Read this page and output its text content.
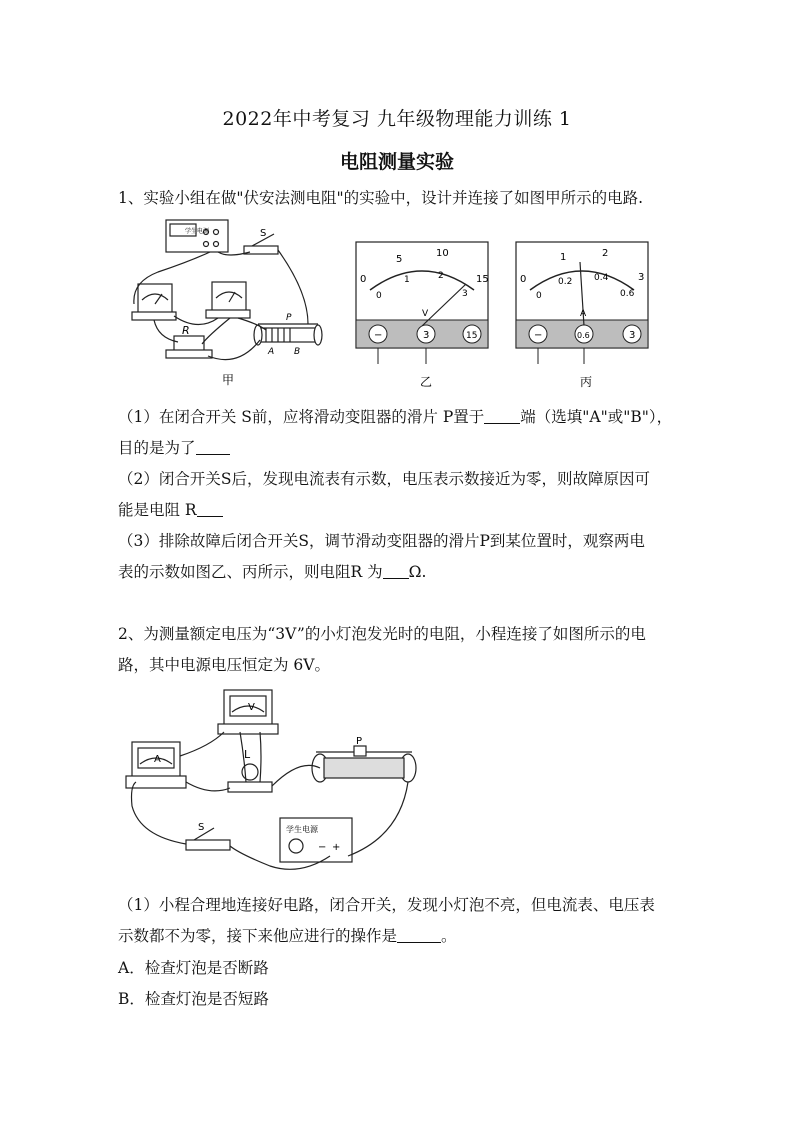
2022年中考复习 九年级物理能力训练 1
电阻测量实验
1、实验小组在做"伏安法测电阻"的实验中，设计并连接了如图甲所示的电路.
学生电源	S
R
P
A B
甲
0
5
10
15
0
1	2
3
V
−	3	15
乙
0
1	2
3
0
0.2 0.4
0.6
A
−	0.6	3
丙
（1）在闭合开关 S前，应将滑动变阻器的滑片 P置于 端（选填"A"或"B"），
目的是为了
（2）闭合开关S后，发现电流表有示数，电压表示数接近为零，则故障原因可
能是电阻 R
（3）排除故障后闭合开关S，调节滑动变阻器的滑片P到某位置时，观察两电
表的示数如图乙、丙所示，则电阻R 为 Ω.
2、为测量额定电压为“3V”的小灯泡发光时的电阻，小程连接了如图所示的电
路，其中电源电压恒定为 6V。
V
A	L
P
S	学生电源
− +
（1）小程合理地连接好电路，闭合开关，发现小灯泡不亮，但电流表、电压表
示数都不为零，接下来他应进行的操作是	。
A．检查灯泡是否断路
B．检查灯泡是否短路
